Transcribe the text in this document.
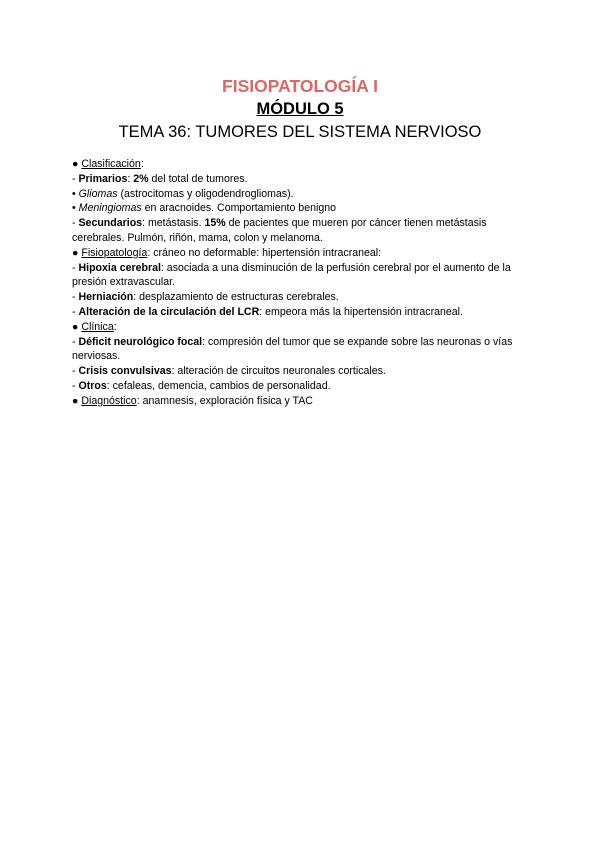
FISIOPATOLOGÍA I
MÓDULO 5
TEMA 36: TUMORES DEL SISTEMA NERVIOSO
● Clasificación:
- Primarios: 2% del total de tumores.
• Gliomas (astrocitomas y oligodendrogliomas).
• Meningiomas en aracnoides. Comportamiento benigno
- Secundarios: metástasis. 15% de pacientes que mueren por cáncer tienen metástasis cerebrales. Pulmón, riñón, mama, colon y melanoma.
● Fisiopatología: cráneo no deformable: hipertensión intracraneal:
- Hipoxia cerebral: asociada a una disminución de la perfusión cerebral por el aumento de la presión extravascular.
- Herniación: desplazamiento de estructuras cerebrales.
- Alteración de la circulación del LCR: empeora más la hipertensión intracraneal.
● Clínica:
- Déficit neurológico focal: compresión del tumor que se expande sobre las neuronas o vías nerviosas.
- Crisis convulsivas: alteración de circuitos neuronales corticales.
- Otros: cefaleas, demencia, cambios de personalidad.
● Diagnóstico: anamnesis, exploración física y TAC
